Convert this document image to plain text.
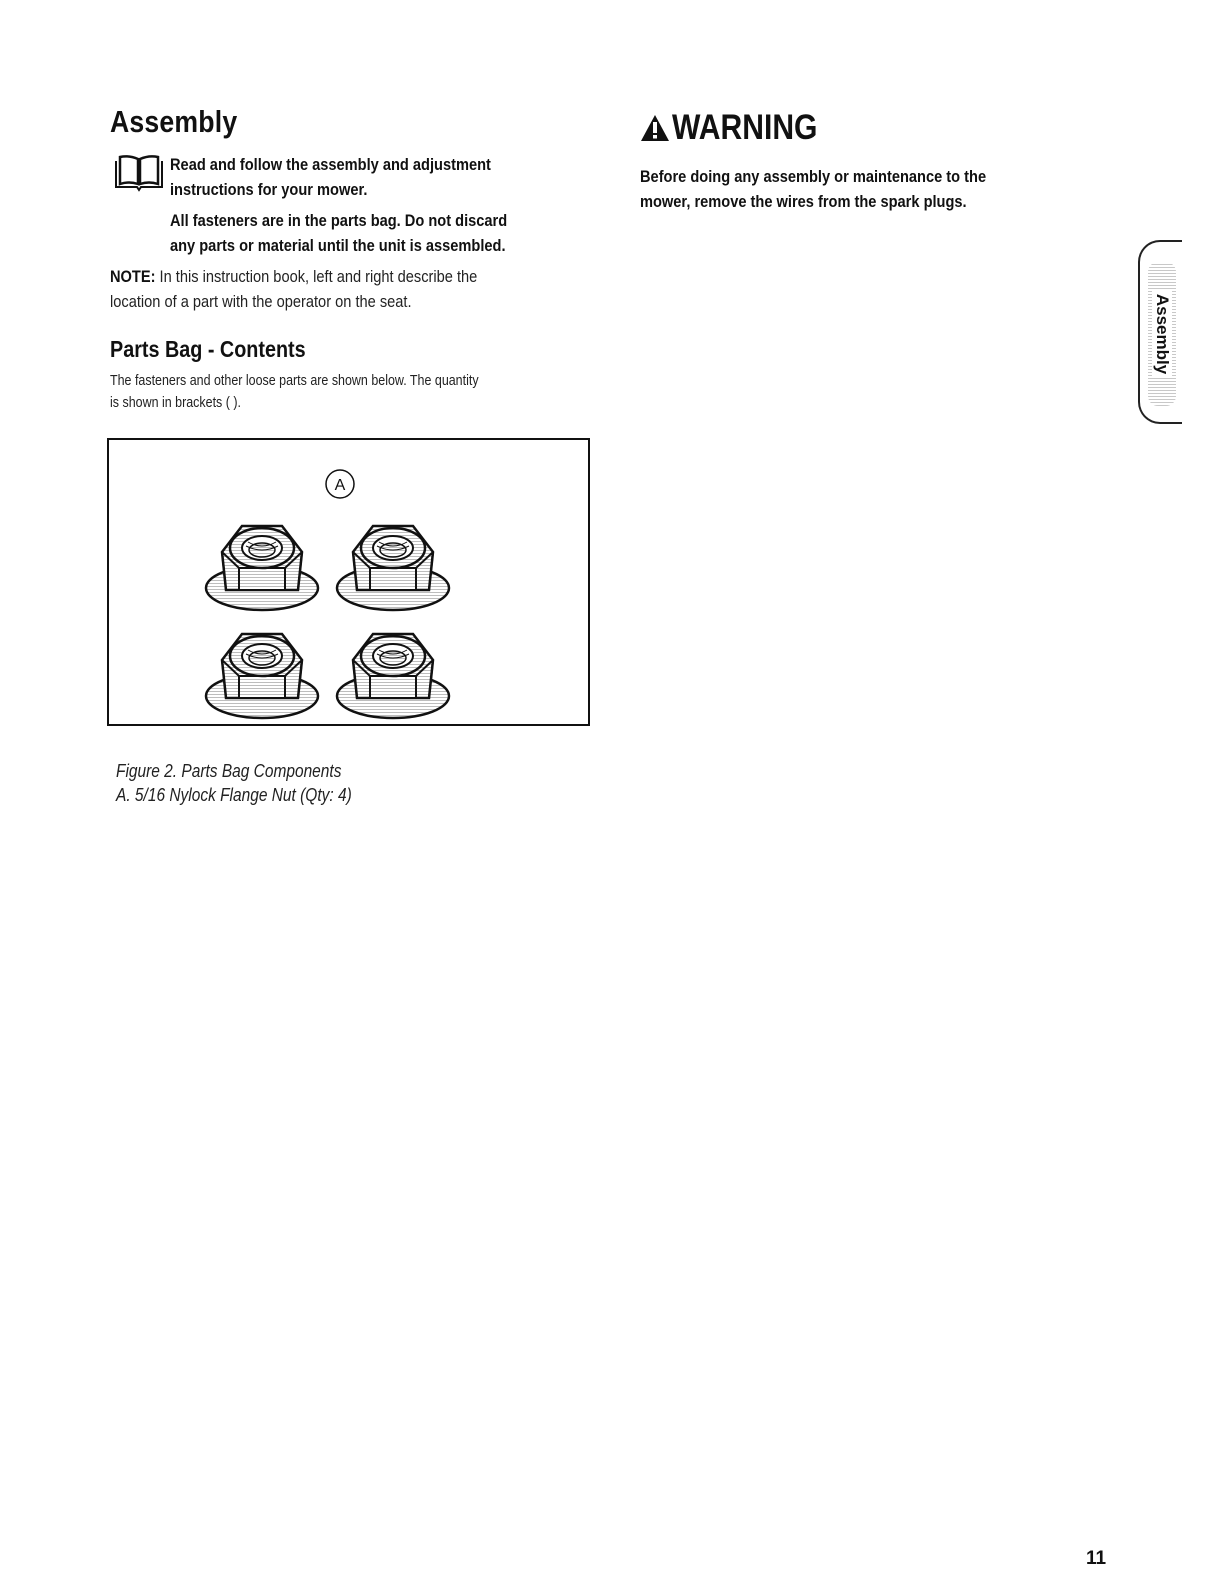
Assembly
Read and follow the assembly and adjustment
instructions for your mower.
All fasteners are in the parts bag. Do not discard
any parts or material until the unit is assembled.
NOTE: In this instruction book, left and right describe the
location of a part with the operator on the seat.
Parts Bag - Contents
The fasteners and other loose parts are shown below. The quantity
is shown in brackets ( ).
A
Figure 2. Parts Bag Components
A. 5/16 Nylock Flange Nut (Qty: 4)
WARNING
Before doing any assembly or maintenance to the
mower, remove the wires from the spark plugs.
Assembly
11
